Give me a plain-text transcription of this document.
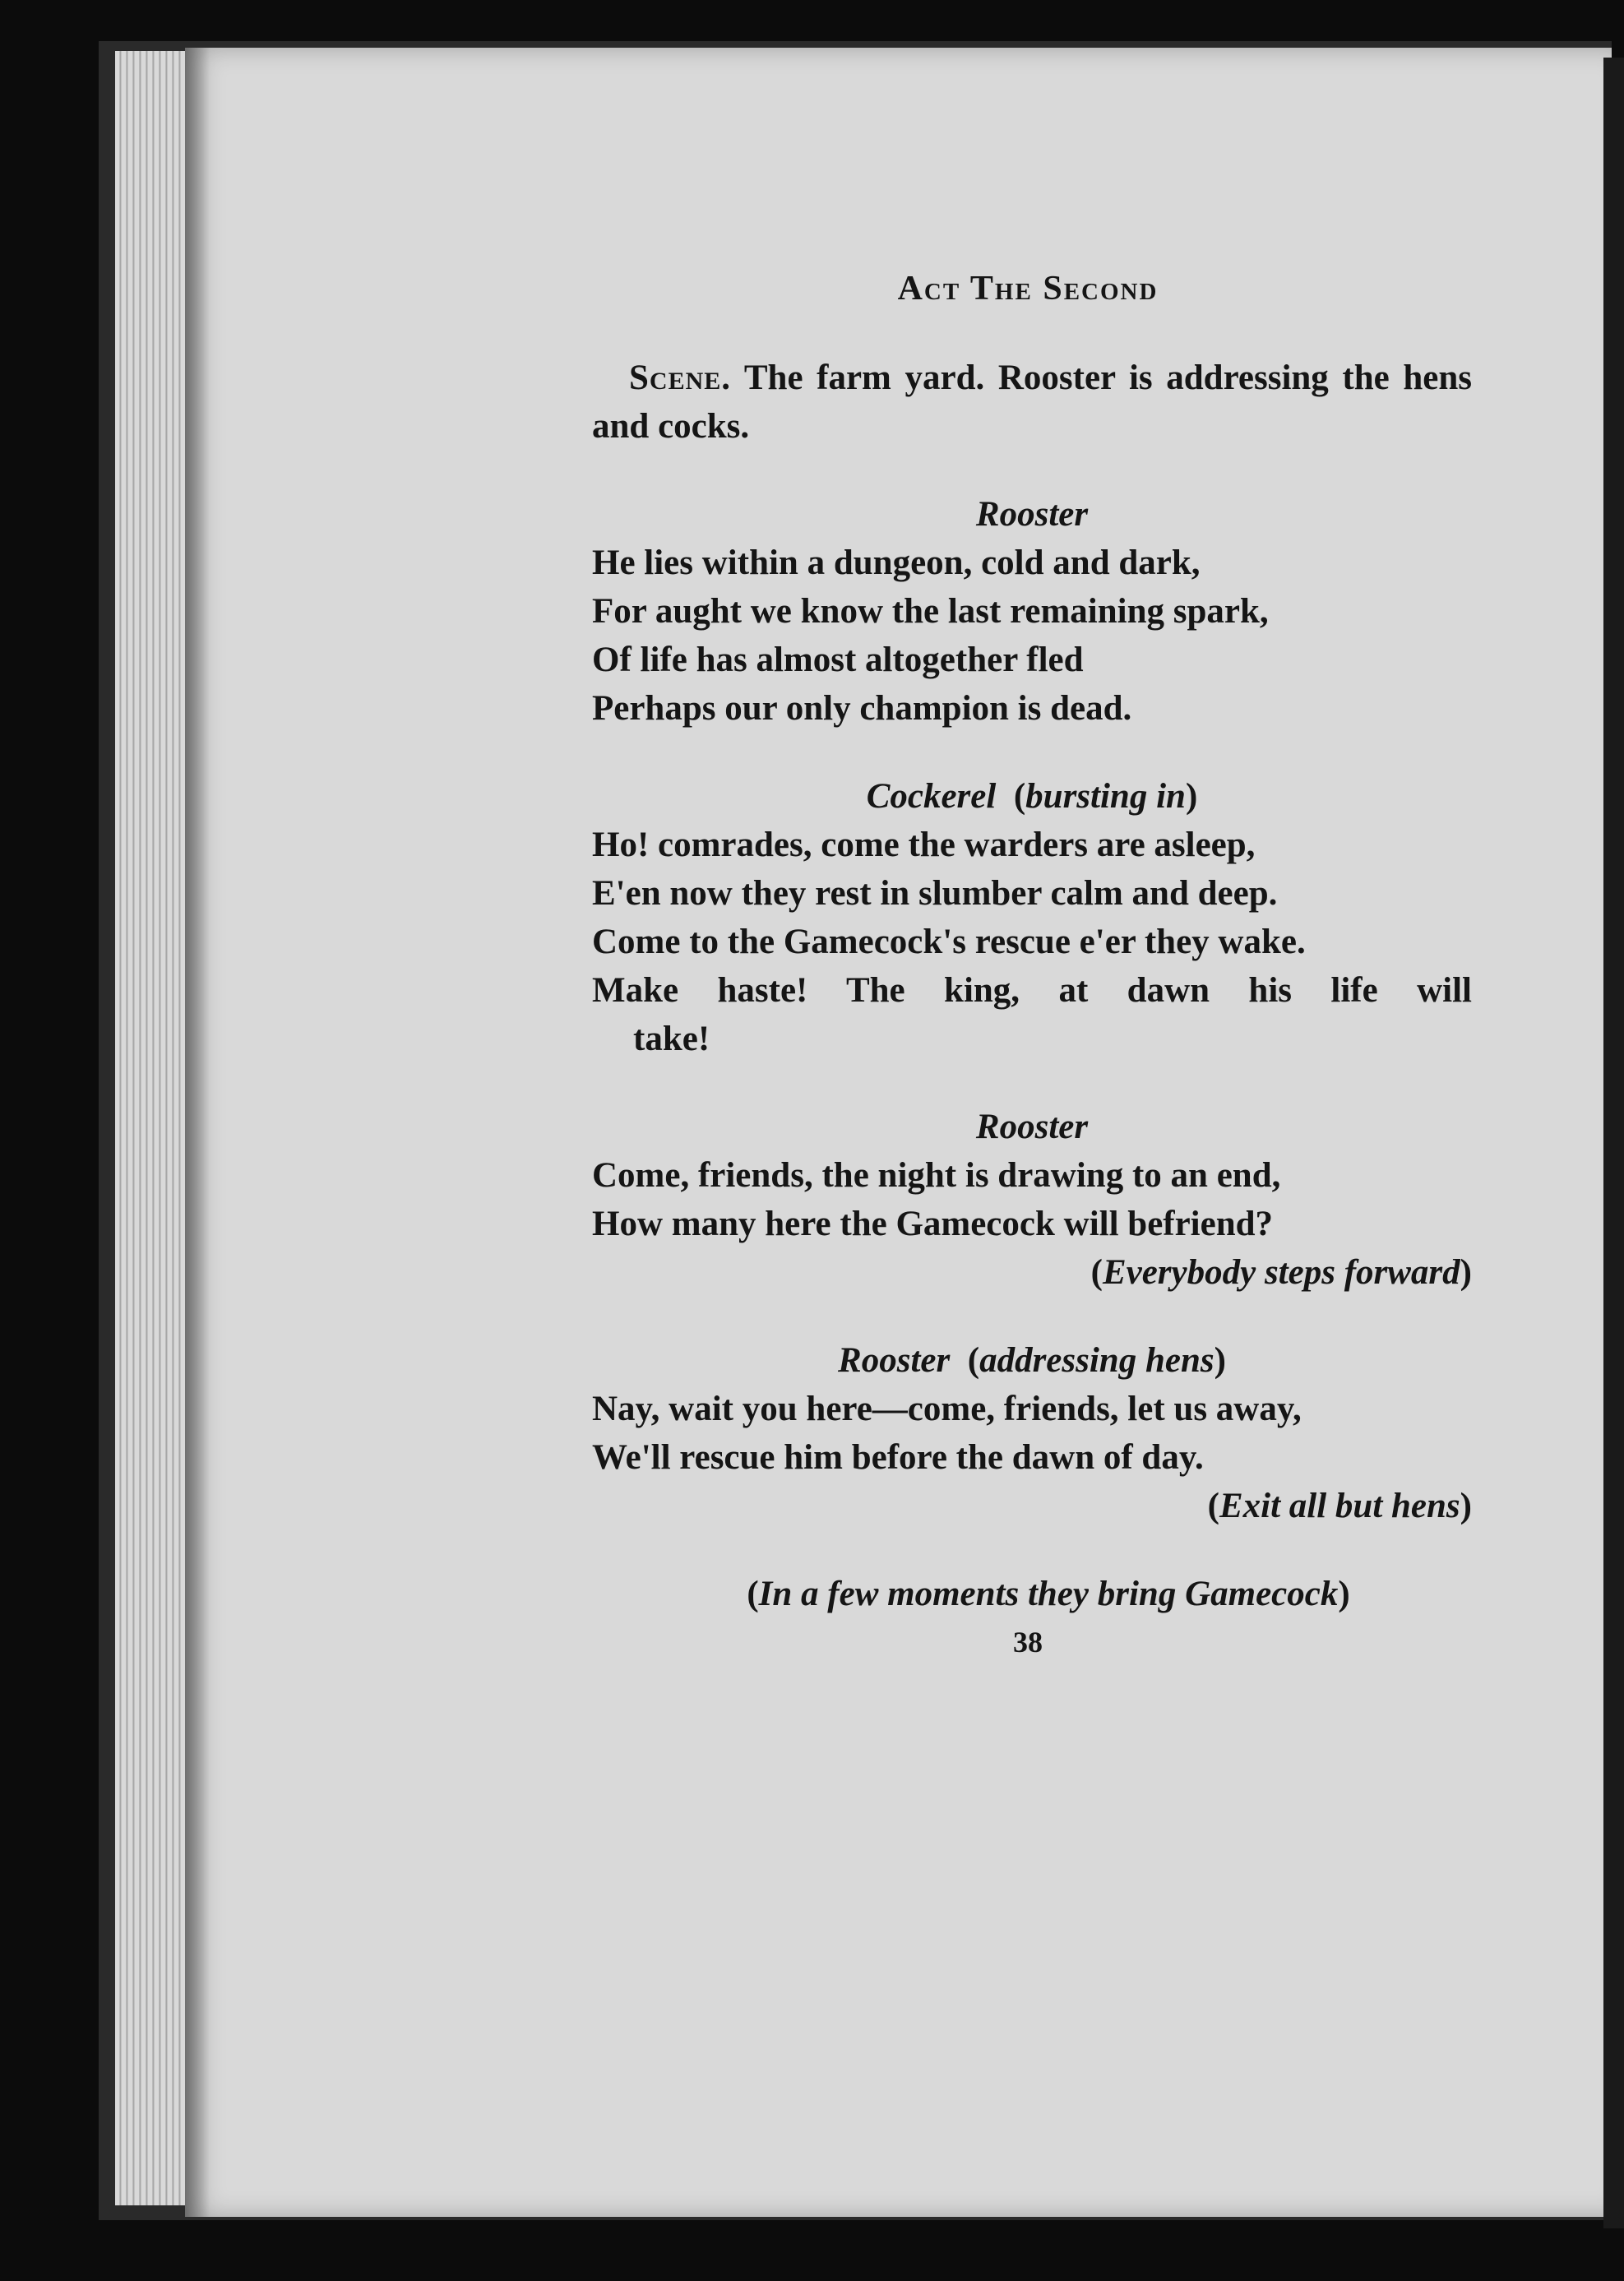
Act The Second
Scene. The farm yard. Rooster is addressing the hens and cocks.
Rooster
He lies within a dungeon, cold and dark,
For aught we know the last remaining spark,
Of life has almost altogether fled
Perhaps our only champion is dead.
Cockerel  (bursting in)
Ho! comrades, come the warders are asleep,
E'en now they rest in slumber calm and deep.
Come to the Gamecock's rescue e'er they wake.
Make haste! The king, at dawn his life will
take!
Rooster
Come, friends, the night is drawing to an end,
How many here the Gamecock will befriend?
(Everybody steps forward)
Rooster  (addressing hens)
Nay, wait you here—come, friends, let us away,
We'll rescue him before the dawn of day.
(Exit all but hens)
(In a few moments they bring Gamecock)
38
